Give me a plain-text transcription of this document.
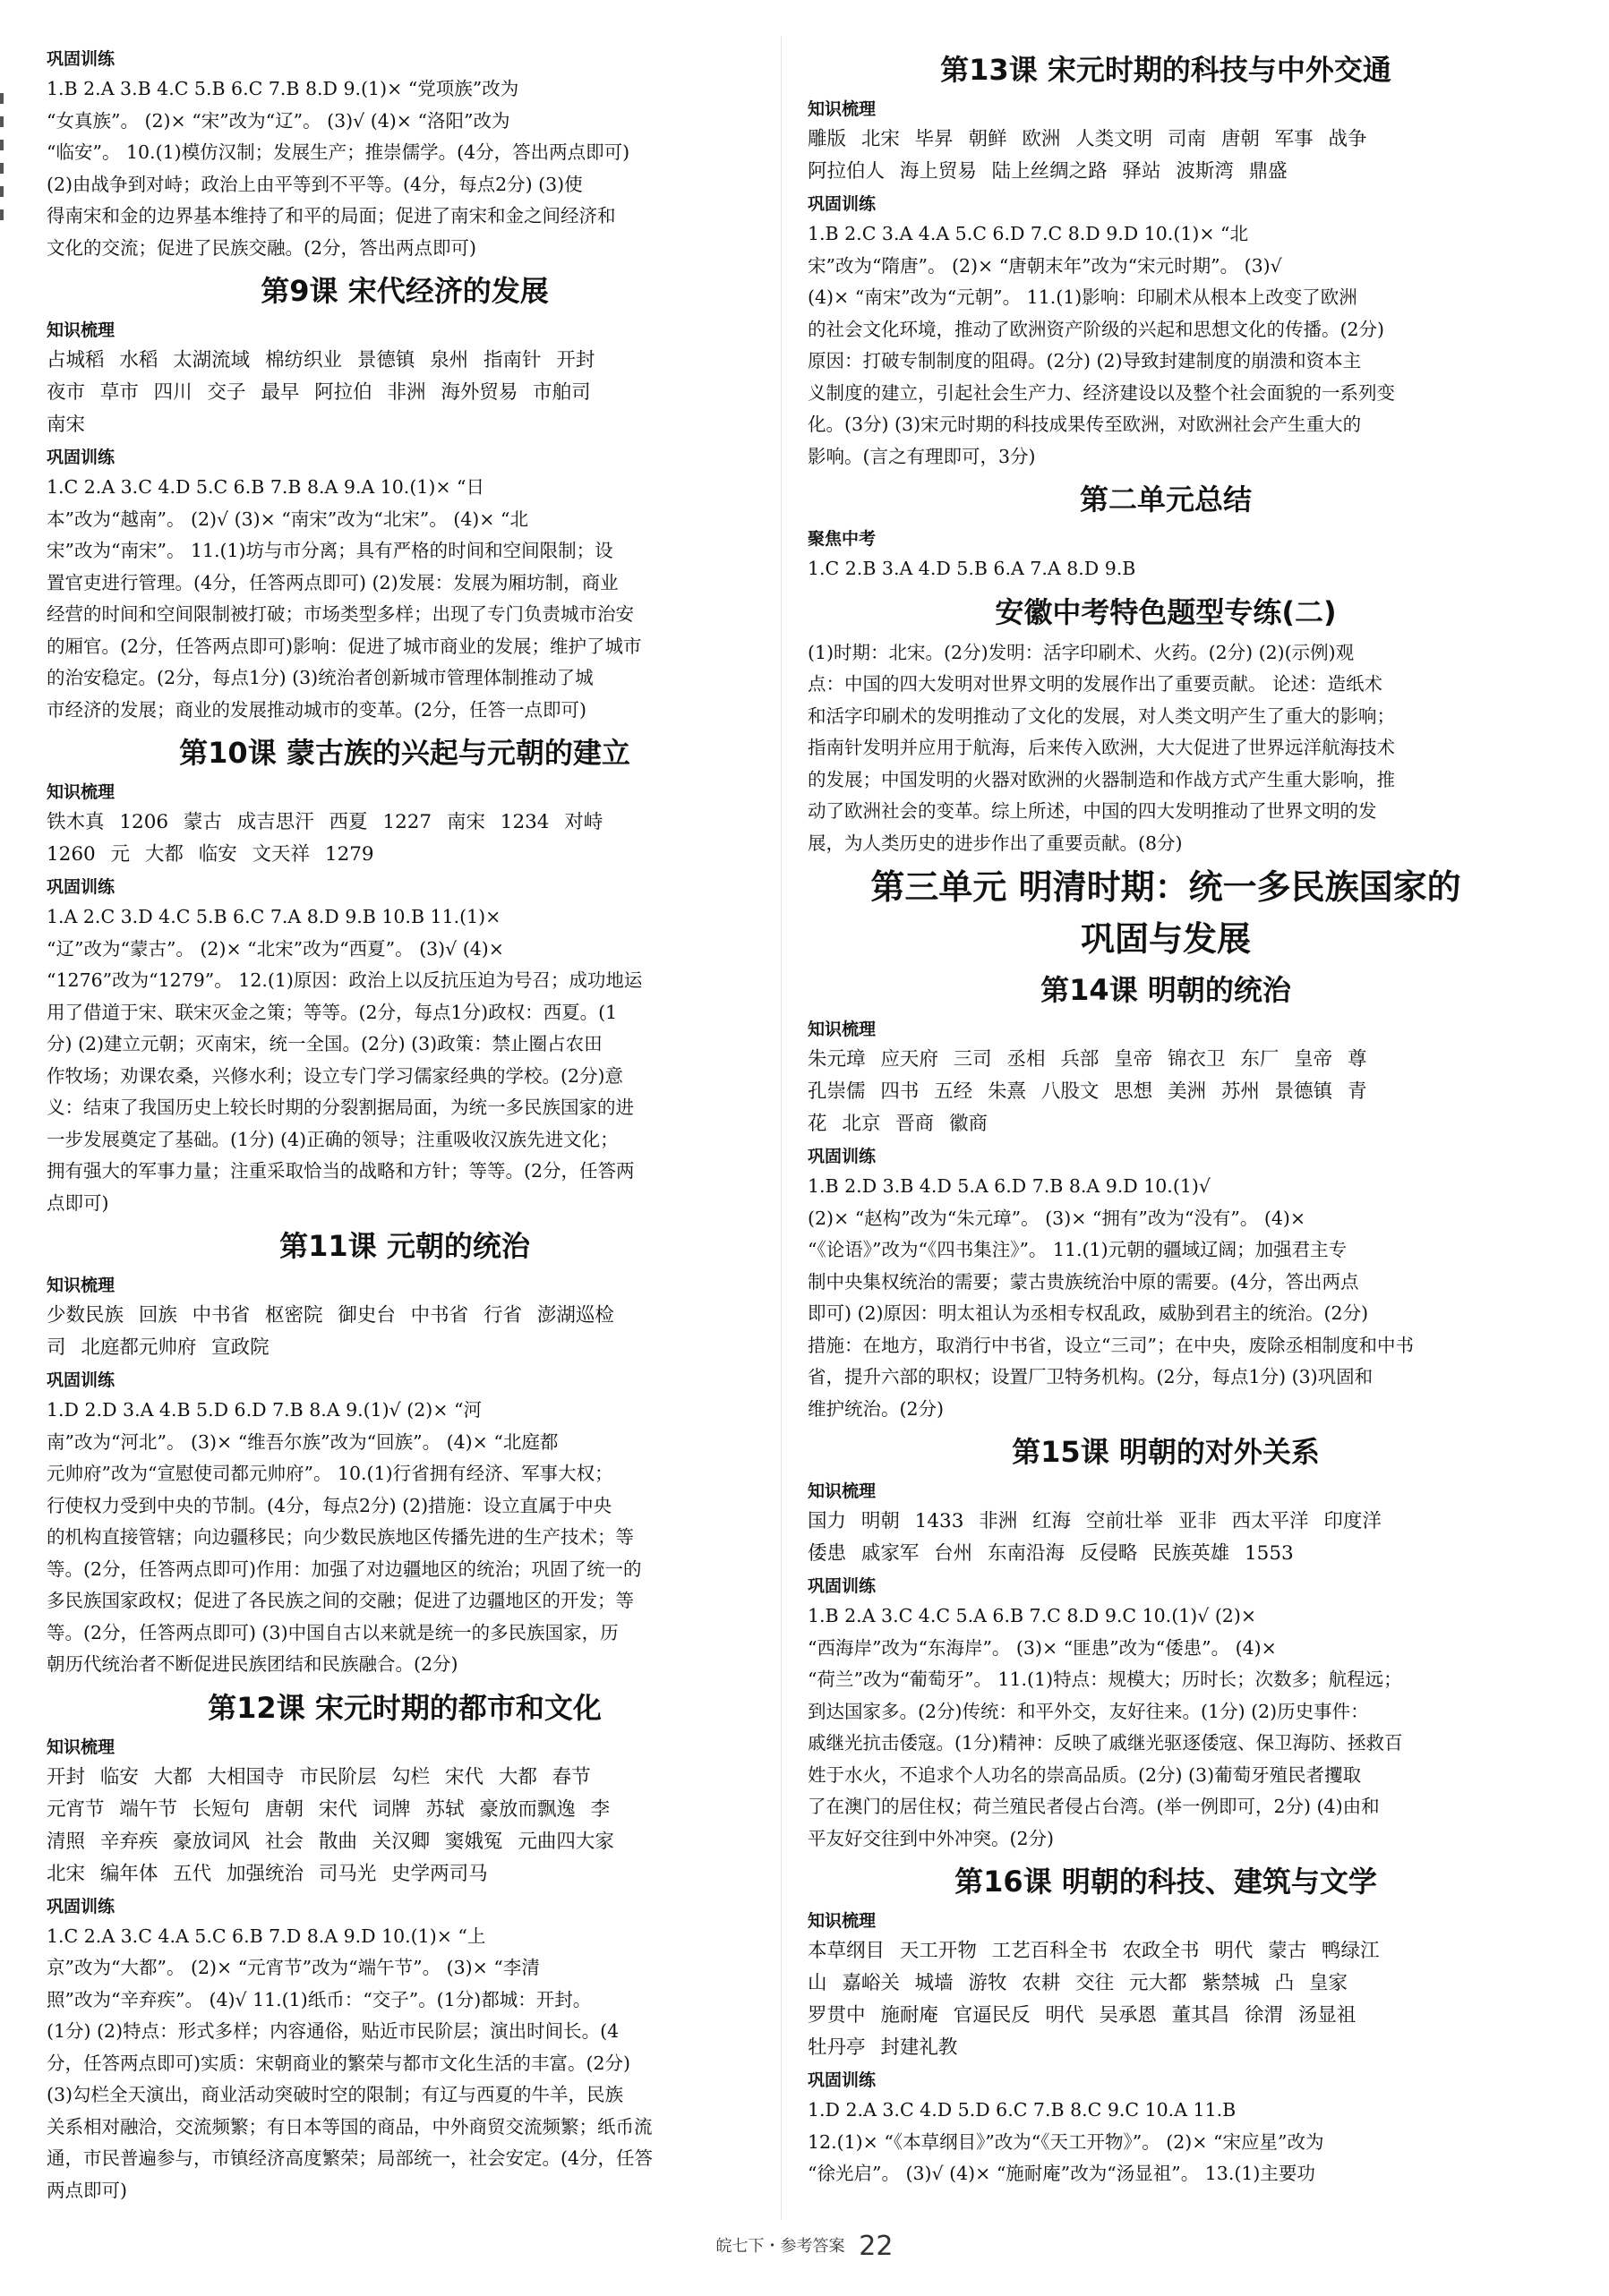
巩固训练
1.B 2.A 3.B 4.C 5.B 6.C 7.B 8.D 9.(1)× “党项族”改为
“女真族”。 (2)× “宋”改为“辽”。 (3)√ (4)× “洛阳”改为
“临安”。 10.(1)模仿汉制；发展生产；推崇儒学。(4分，答出两点即可)
(2)由战争到对峙；政治上由平等到不平等。(4分，每点2分) (3)使
得南宋和金的边界基本维持了和平的局面；促进了南宋和金之间经济和
文化的交流；促进了民族交融。(2分，答出两点即可)
第9课 宋代经济的发展
知识梳理
占城稻 水稻 太湖流域 棉纺织业 景德镇 泉州 指南针 开封
夜市 草市 四川 交子 最早 阿拉伯 非洲 海外贸易 市舶司
南宋
巩固训练
1.C 2.A 3.C 4.D 5.C 6.B 7.B 8.A 9.A 10.(1)× “日
本”改为“越南”。 (2)√ (3)× “南宋”改为“北宋”。 (4)× “北
宋”改为“南宋”。 11.(1)坊与市分离；具有严格的时间和空间限制；设
置官吏进行管理。(4分，任答两点即可) (2)发展：发展为厢坊制，商业
经营的时间和空间限制被打破；市场类型多样；出现了专门负责城市治安
的厢官。(2分，任答两点即可)影响：促进了城市商业的发展；维护了城市
的治安稳定。(2分，每点1分) (3)统治者创新城市管理体制推动了城
市经济的发展；商业的发展推动城市的变革。(2分，任答一点即可)
第10课 蒙古族的兴起与元朝的建立
知识梳理
铁木真 1206 蒙古 成吉思汗 西夏 1227 南宋 1234 对峙
1260 元 大都 临安 文天祥 1279
巩固训练
1.A 2.C 3.D 4.C 5.B 6.C 7.A 8.D 9.B 10.B 11.(1)×
“辽”改为“蒙古”。 (2)× “北宋”改为“西夏”。 (3)√ (4)×
“1276”改为“1279”。 12.(1)原因：政治上以反抗压迫为号召；成功地运
用了借道于宋、联宋灭金之策；等等。(2分，每点1分)政权：西夏。(1
分) (2)建立元朝；灭南宋，统一全国。(2分) (3)政策：禁止圈占农田
作牧场；劝课农桑，兴修水利；设立专门学习儒家经典的学校。(2分)意
义：结束了我国历史上较长时期的分裂割据局面，为统一多民族国家的进
一步发展奠定了基础。(1分) (4)正确的领导；注重吸收汉族先进文化；
拥有强大的军事力量；注重采取恰当的战略和方针；等等。(2分，任答两
点即可)
第11课 元朝的统治
知识梳理
少数民族 回族 中书省 枢密院 御史台 中书省 行省 澎湖巡检
司 北庭都元帅府 宣政院
巩固训练
1.D 2.D 3.A 4.B 5.D 6.D 7.B 8.A 9.(1)√ (2)× “河
南”改为“河北”。 (3)× “维吾尔族”改为“回族”。 (4)× “北庭都
元帅府”改为“宣慰使司都元帅府”。 10.(1)行省拥有经济、军事大权；
行使权力受到中央的节制。(4分，每点2分) (2)措施：设立直属于中央
的机构直接管辖；向边疆移民；向少数民族地区传播先进的生产技术；等
等。(2分，任答两点即可)作用：加强了对边疆地区的统治；巩固了统一的
多民族国家政权；促进了各民族之间的交融；促进了边疆地区的开发；等
等。(2分，任答两点即可) (3)中国自古以来就是统一的多民族国家，历
朝历代统治者不断促进民族团结和民族融合。(2分)
第12课 宋元时期的都市和文化
知识梳理
开封 临安 大都 大相国寺 市民阶层 勾栏 宋代 大都 春节
元宵节 端午节 长短句 唐朝 宋代 词牌 苏轼 豪放而飘逸 李
清照 辛弃疾 豪放词风 社会 散曲 关汉卿 窦娥冤 元曲四大家
北宋 编年体 五代 加强统治 司马光 史学两司马
巩固训练
1.C 2.A 3.C 4.A 5.C 6.B 7.D 8.A 9.D 10.(1)× “上
京”改为“大都”。 (2)× “元宵节”改为“端午节”。 (3)× “李清
照”改为“辛弃疾”。 (4)√ 11.(1)纸币：“交子”。(1分)都城：开封。
(1分) (2)特点：形式多样；内容通俗，贴近市民阶层；演出时间长。(4
分，任答两点即可)实质：宋朝商业的繁荣与都市文化生活的丰富。(2分)
(3)勾栏全天演出，商业活动突破时空的限制；有辽与西夏的牛羊，民族
关系相对融洽，交流频繁；有日本等国的商品，中外商贸交流频繁；纸币流
通，市民普遍参与，市镇经济高度繁荣；局部统一，社会安定。(4分，任答
两点即可)
第13课 宋元时期的科技与中外交通
知识梳理
雕版 北宋 毕昇 朝鲜 欧洲 人类文明 司南 唐朝 军事 战争
阿拉伯人 海上贸易 陆上丝绸之路 驿站 波斯湾 鼎盛
巩固训练
1.B 2.C 3.A 4.A 5.C 6.D 7.C 8.D 9.D 10.(1)× “北
宋”改为“隋唐”。 (2)× “唐朝末年”改为“宋元时期”。 (3)√
(4)× “南宋”改为“元朝”。 11.(1)影响：印刷术从根本上改变了欧洲
的社会文化环境，推动了欧洲资产阶级的兴起和思想文化的传播。(2分)
原因：打破专制制度的阻碍。(2分) (2)导致封建制度的崩溃和资本主
义制度的建立，引起社会生产力、经济建设以及整个社会面貌的一系列变
化。(3分) (3)宋元时期的科技成果传至欧洲，对欧洲社会产生重大的
影响。(言之有理即可，3分)
第二单元总结
聚焦中考
1.C 2.B 3.A 4.D 5.B 6.A 7.A 8.D 9.B
安徽中考特色题型专练(二)
(1)时期：北宋。(2分)发明：活字印刷术、火药。(2分) (2)(示例)观
点：中国的四大发明对世界文明的发展作出了重要贡献。 论述：造纸术
和活字印刷术的发明推动了文化的发展，对人类文明产生了重大的影响；
指南针发明并应用于航海，后来传入欧洲，大大促进了世界远洋航海技术
的发展；中国发明的火器对欧洲的火器制造和作战方式产生重大影响，推
动了欧洲社会的变革。综上所述，中国的四大发明推动了世界文明的发
展，为人类历史的进步作出了重要贡献。(8分)
第三单元 明清时期：统一多民族国家的
巩固与发展
第14课 明朝的统治
知识梳理
朱元璋 应天府 三司 丞相 兵部 皇帝 锦衣卫 东厂 皇帝 尊
孔崇儒 四书 五经 朱熹 八股文 思想 美洲 苏州 景德镇 青
花 北京 晋商 徽商
巩固训练
1.B 2.D 3.B 4.D 5.A 6.D 7.B 8.A 9.D 10.(1)√
(2)× “赵构”改为“朱元璋”。 (3)× “拥有”改为“没有”。 (4)×
“《论语》”改为“《四书集注》”。 11.(1)元朝的疆域辽阔；加强君主专
制中央集权统治的需要；蒙古贵族统治中原的需要。(4分，答出两点
即可) (2)原因：明太祖认为丞相专权乱政，威胁到君主的统治。(2分)
措施：在地方，取消行中书省，设立“三司”；在中央，废除丞相制度和中书
省，提升六部的职权；设置厂卫特务机构。(2分，每点1分) (3)巩固和
维护统治。(2分)
第15课 明朝的对外关系
知识梳理
国力 明朝 1433 非洲 红海 空前壮举 亚非 西太平洋 印度洋
倭患 戚家军 台州 东南沿海 反侵略 民族英雄 1553
巩固训练
1.B 2.A 3.C 4.C 5.A 6.B 7.C 8.D 9.C 10.(1)√ (2)×
“西海岸”改为“东海岸”。 (3)× “匪患”改为“倭患”。 (4)×
“荷兰”改为“葡萄牙”。 11.(1)特点：规模大；历时长；次数多；航程远；
到达国家多。(2分)传统：和平外交，友好往来。(1分) (2)历史事件：
戚继光抗击倭寇。(1分)精神：反映了戚继光驱逐倭寇、保卫海防、拯救百
姓于水火，不追求个人功名的崇高品质。(2分) (3)葡萄牙殖民者攫取
了在澳门的居住权；荷兰殖民者侵占台湾。(举一例即可，2分) (4)由和
平友好交往到中外冲突。(2分)
第16课 明朝的科技、建筑与文学
知识梳理
本草纲目 天工开物 工艺百科全书 农政全书 明代 蒙古 鸭绿江
山 嘉峪关 城墙 游牧 农耕 交往 元大都 紫禁城 凸 皇家
罗贯中 施耐庵 官逼民反 明代 吴承恩 董其昌 徐渭 汤显祖
牡丹亭 封建礼教
巩固训练
1.D 2.A 3.C 4.D 5.D 6.C 7.B 8.C 9.C 10.A 11.B
12.(1)× “《本草纲目》”改为“《天工开物》”。 (2)× “宋应星”改为
“徐光启”。 (3)√ (4)× “施耐庵”改为“汤显祖”。 13.(1)主要功
皖七下・参考答案 22
